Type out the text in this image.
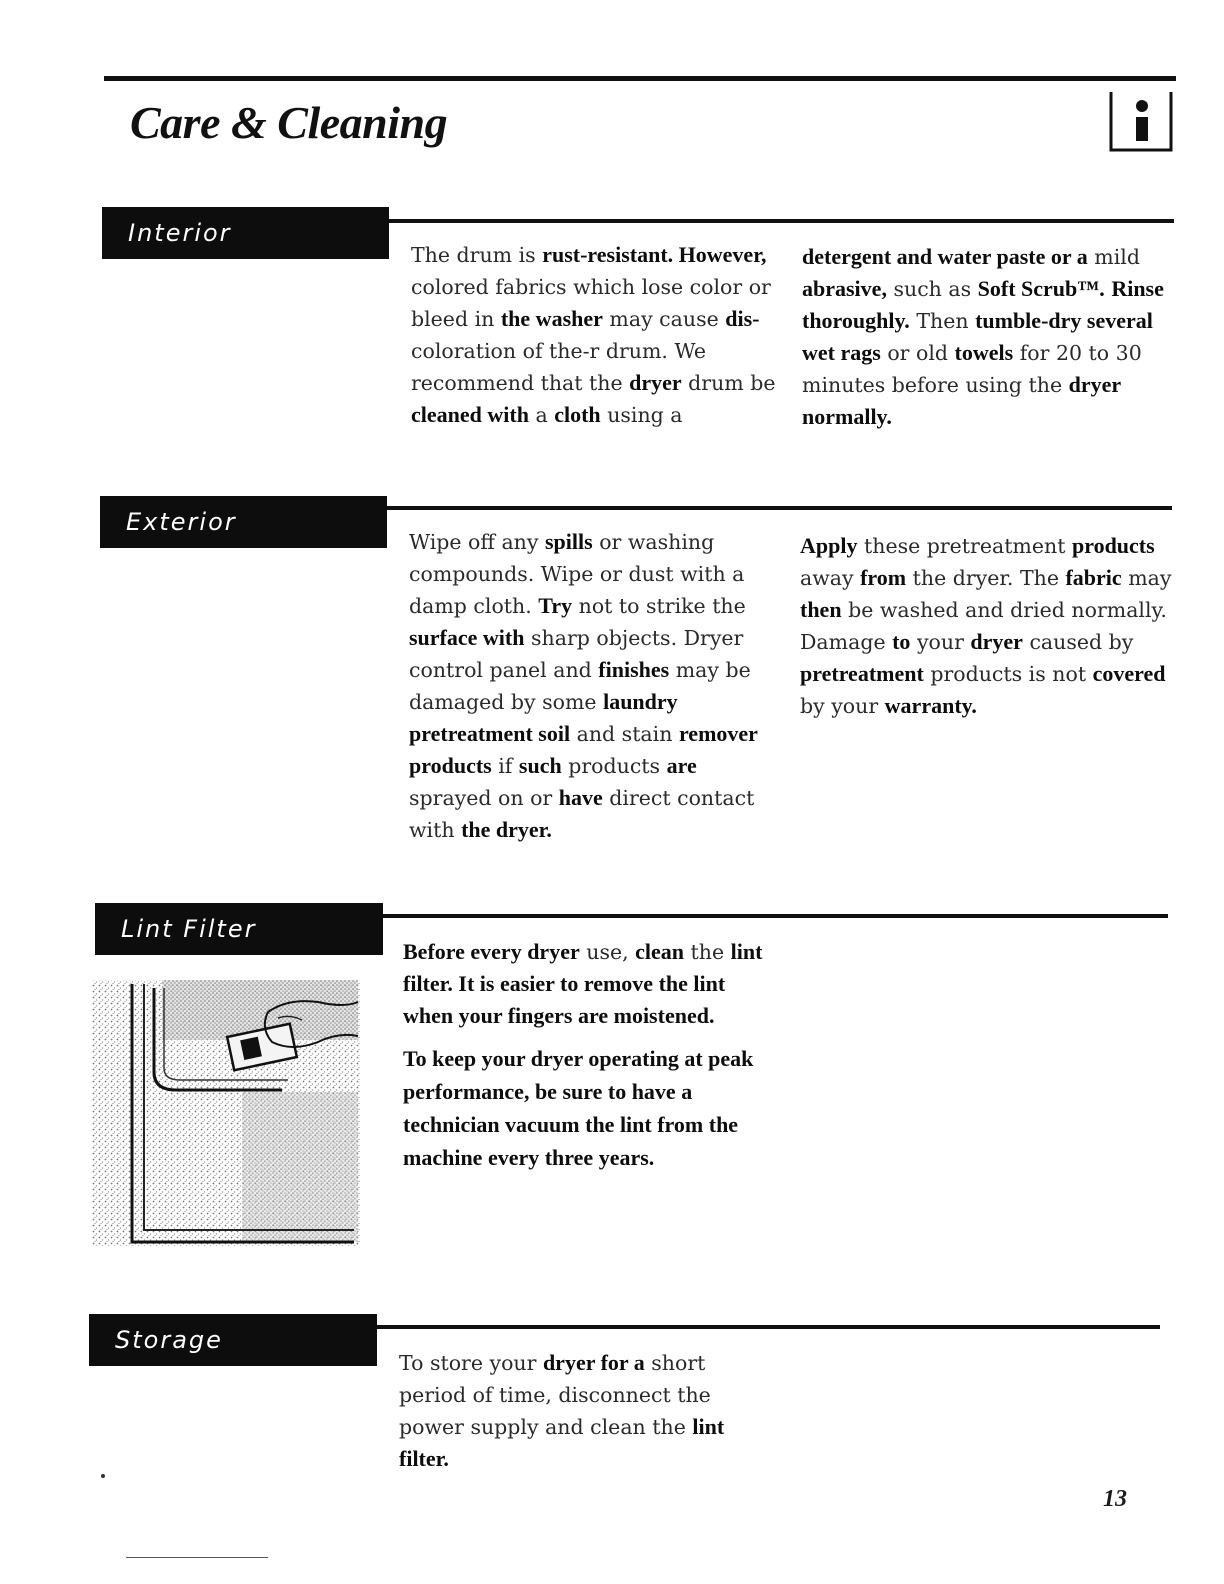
Care & Cleaning
Interior
The drum is rust-resistant. However, colored fabrics which lose color or bleed in the washer may cause dis- coloration of the-r drum. We recommend that the dryer drum be cleaned with a cloth using a
detergent and water paste or a mild abrasive, such as Soft Scrub™. Rinse thoroughly. Then tumble-dry several wet rags or old towels for 20 to 30 minutes before using the dryer normally.
Exterior
Wipe off any spills or washing compounds. Wipe or dust with a damp cloth. Try not to strike the surface with sharp objects. Dryer control panel and finishes may be damaged by some laundry pretreatment soil and stain remover products if such products are sprayed on or have direct contact with the dryer.
Apply these pretreatment products away from the dryer. The fabric may then be washed and dried normally. Damage to your dryer caused by pretreatment products is not covered by your warranty.
Lint Filter

Before every dryer use, clean the lint filter. It is easier to remove the lint when your fingers are moistened.

To keep your dryer operating at peak performance, be sure to have a technician vacuum the lint from the machine every three years.

Storage
To store your dryer for a short period of time, disconnect the power supply and clean the lint filter.
13
